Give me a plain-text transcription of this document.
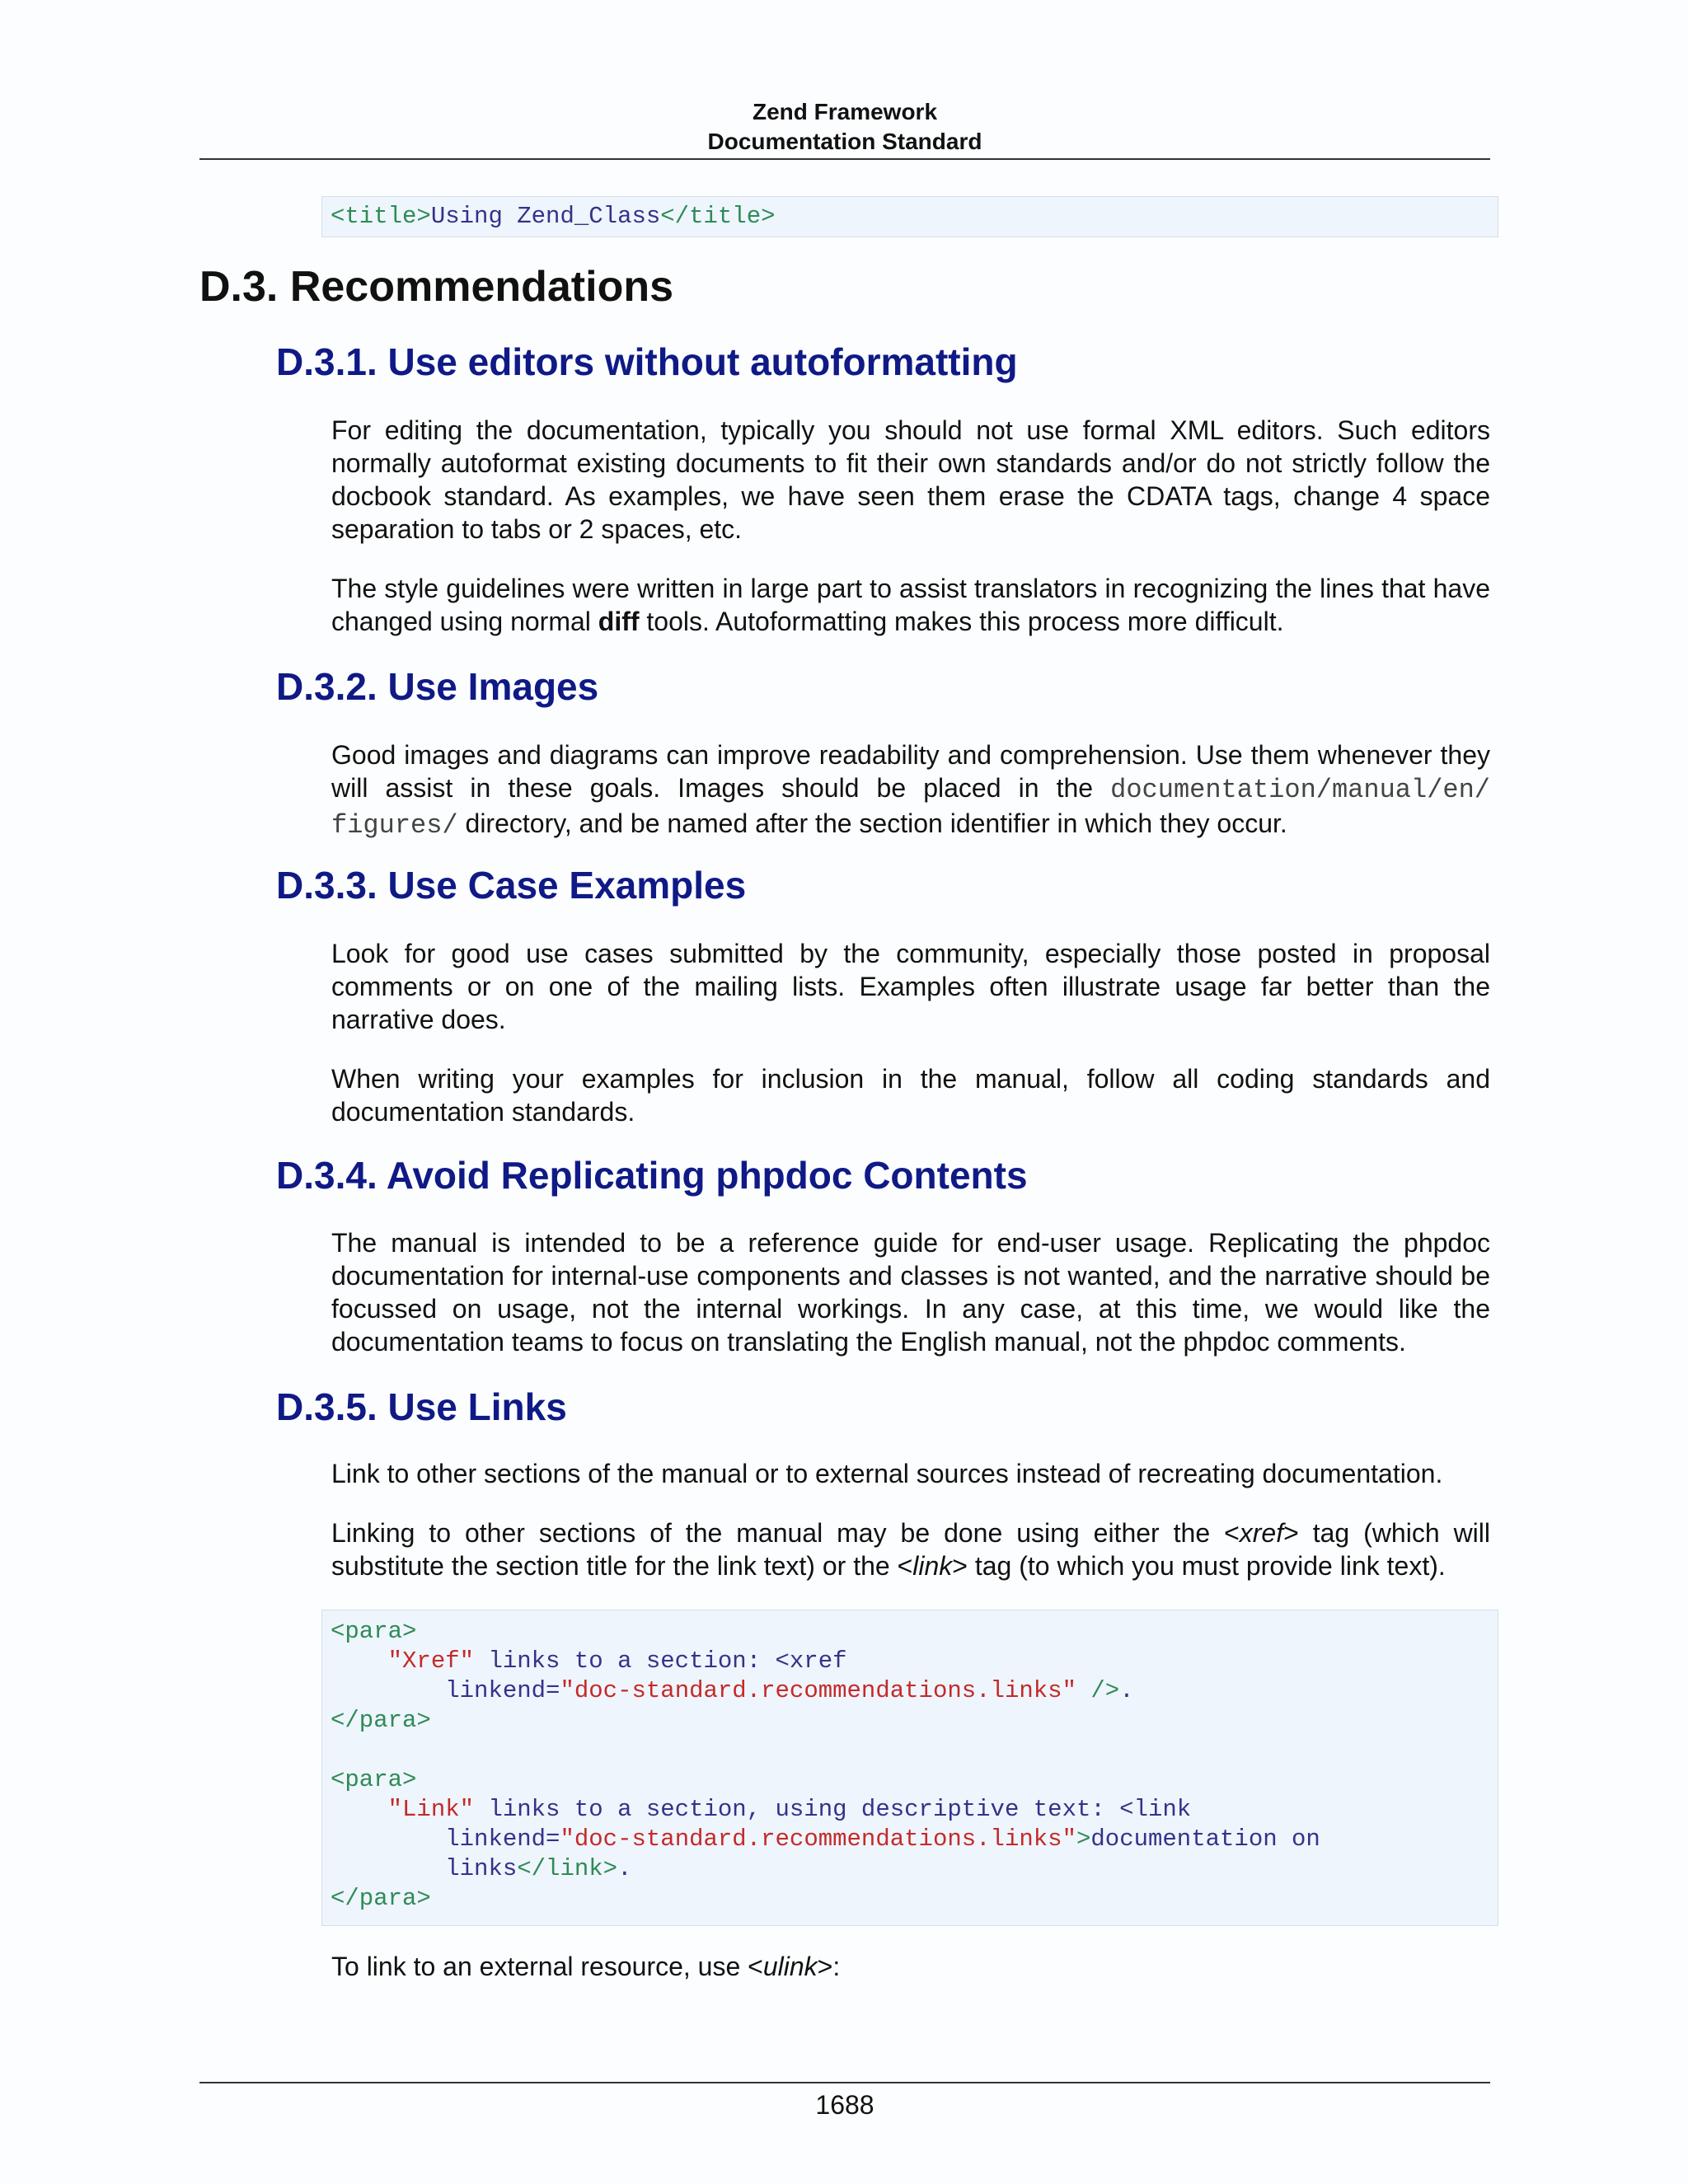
Zend Framework
Documentation Standard
<title>Using Zend_Class</title>
D.3. Recommendations
D.3.1. Use editors without autoformatting

For editing the documentation, typically you should not use formal XML editors. Such editors normally autoformat existing documents to fit their own standards and/or do not strictly follow the docbook standard. As examples, we have seen them erase the CDATA tags, change 4 space separation to tabs or 2 spaces, etc.

The style guidelines were written in large part to assist translators in recognizing the lines that have changed using normal diff tools. Autoformatting makes this process more difficult.

D.3.2. Use Images

Good images and diagrams can improve readability and comprehension. Use them whenever they will assist in these goals. Images should be placed in the documentation/manual/en/ figures/ directory, and be named after the section identifier in which they occur.

D.3.3. Use Case Examples

Look for good use cases submitted by the community, especially those posted in proposal comments or on one of the mailing lists. Examples often illustrate usage far better than the narrative does.

When writing your examples for inclusion in the manual, follow all coding standards and documentation standards.

D.3.4. Avoid Replicating phpdoc Contents

The manual is intended to be a reference guide for end-user usage. Replicating the phpdoc documentation for internal-use components and classes is not wanted, and the narrative should be focussed on usage, not the internal workings. In any case, at this time, we would like the documentation teams to focus on translating the English manual, not the phpdoc comments.

D.3.5. Use Links

Link to other sections of the manual or to external sources instead of recreating documentation.

Linking to other sections of the manual may be done using either the <xref> tag (which will substitute the section title for the link text) or the <link> tag (to which you must provide link text).

<para>
"Xref" links to a section: <xref
linkend="doc-standard.recommendations.links" />.
</para>

<para>
"Link" links to a section, using descriptive text: <link
linkend="doc-standard.recommendations.links">documentation on
links</link>.
</para>

To link to an external resource, use <ulink>:

1688
